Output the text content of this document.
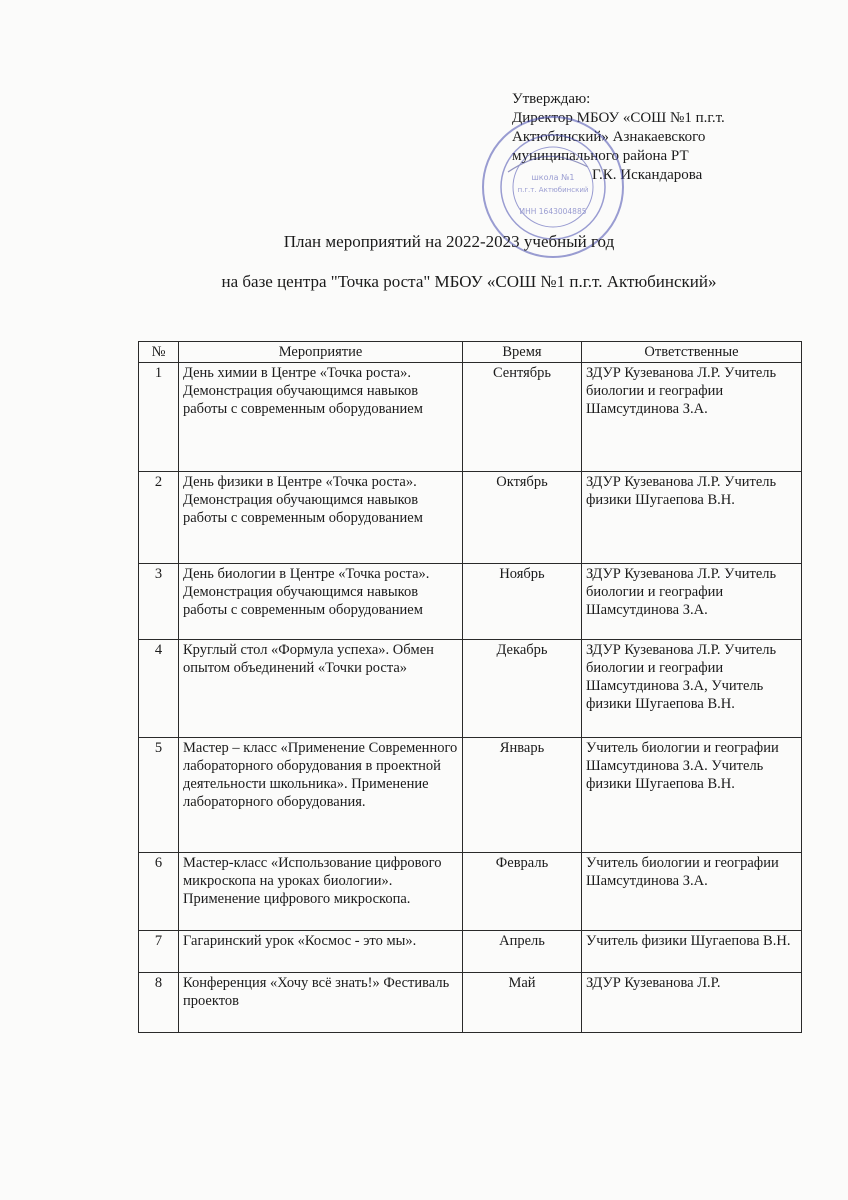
Утверждаю:
Директор МБОУ «СОШ №1 п.г.т.
Актюбинский» Азнакаевского
муниципального района РТ
Г.К. Искандарова
школа №1
п.г.т. Актюбинский
ИНН 1643004885
План мероприятий на 2022-2023 учебный год
на базе центра "Точка роста" МБОУ «СОШ №1 п.г.т. Актюбинский»
№	Мероприятие	Время	Ответственные
1	День химии в Центре «Точка роста». Демонстрация обучающимся навыков работы с современным оборудованием	Сентябрь	ЗДУР Кузеванова Л.Р. Учитель биологии и географии Шамсутдинова З.А.
2	День физики в Центре «Точка роста». Демонстрация обучающимся навыков работы с современным оборудованием	Октябрь	ЗДУР Кузеванова Л.Р. Учитель физики Шугаепова В.Н.
3	День биологии в Центре «Точка роста». Демонстрация обучающимся навыков работы с современным оборудованием	Ноябрь	ЗДУР Кузеванова Л.Р. Учитель биологии и географии Шамсутдинова З.А.
4	Круглый стол «Формула успеха». Обмен опытом объединений «Точки роста»	Декабрь	ЗДУР Кузеванова Л.Р. Учитель биологии и географии Шамсутдинова З.А, Учитель физики Шугаепова В.Н.
5	Мастер – класс «Применение Современного лабораторного оборудования в проектной деятельности школьника». Применение лабораторного оборудования.	Январь	Учитель биологии и географии Шамсутдинова З.А. Учитель физики Шугаепова В.Н.
6	Мастер-класс «Использование цифрового микроскопа на уроках биологии». Применение цифрового микроскопа.	Февраль	Учитель биологии и географии Шамсутдинова З.А.
7	Гагаринский урок «Космос - это мы».	Апрель	Учитель физики Шугаепова В.Н.
8	Конференция «Хочу всё знать!» Фестиваль проектов	Май	ЗДУР Кузеванова Л.Р.
